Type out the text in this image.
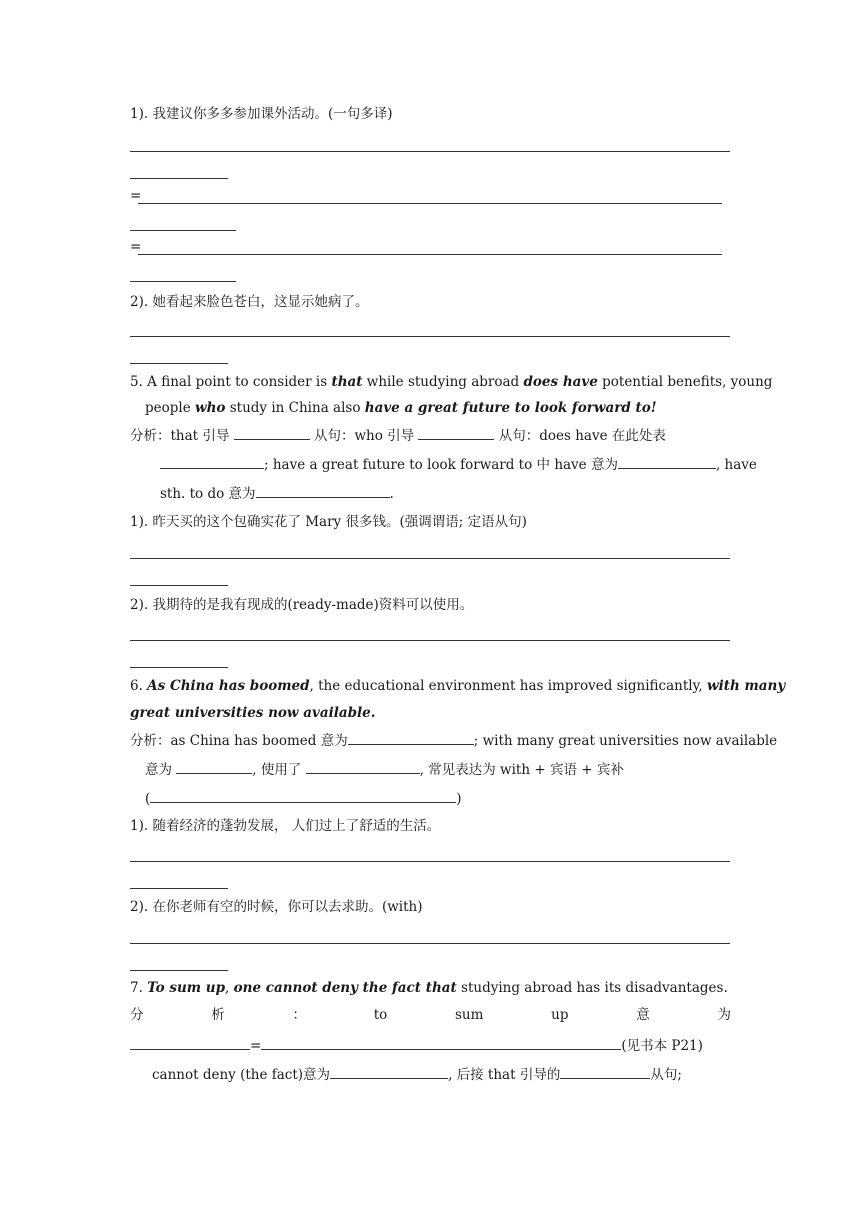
1). 我建议你多多参加课外活动。(一句多译)
=
=
2). 她看起来脸色苍白，这显示她病了。
5. A final point to consider is that while studying abroad does have potential benefits, young
people who study in China also have a great future to look forward to!
分析：that 引导	从句：who 引导	从句：does have 在此处表
; have a great future to look forward to 中 have 意为	, have
sth. to do 意为	.
1). 昨天买的这个包确实花了 Mary 很多钱。(强调谓语; 定语从句)
2). 我期待的是我有现成的(ready-made)资料可以使用。
6. As China has boomed, the educational environment has improved significantly, with many
great universities now available.
分析：as China has boomed 意为	; with many great universities now available
意为	, 使用了	, 常见表达为 with + 宾语 + 宾补
(	)
1). 随着经济的蓬勃发展， 人们过上了舒适的生活。
2). 在你老师有空的时候，你可以去求助。(with)
7. To sum up, one cannot deny the fact that studying abroad has its disadvantages.
分	析	：	to	sum	up	意	为
=	(见书本 P21)
cannot deny (the fact)意为	, 后接 that 引导的	从句;
